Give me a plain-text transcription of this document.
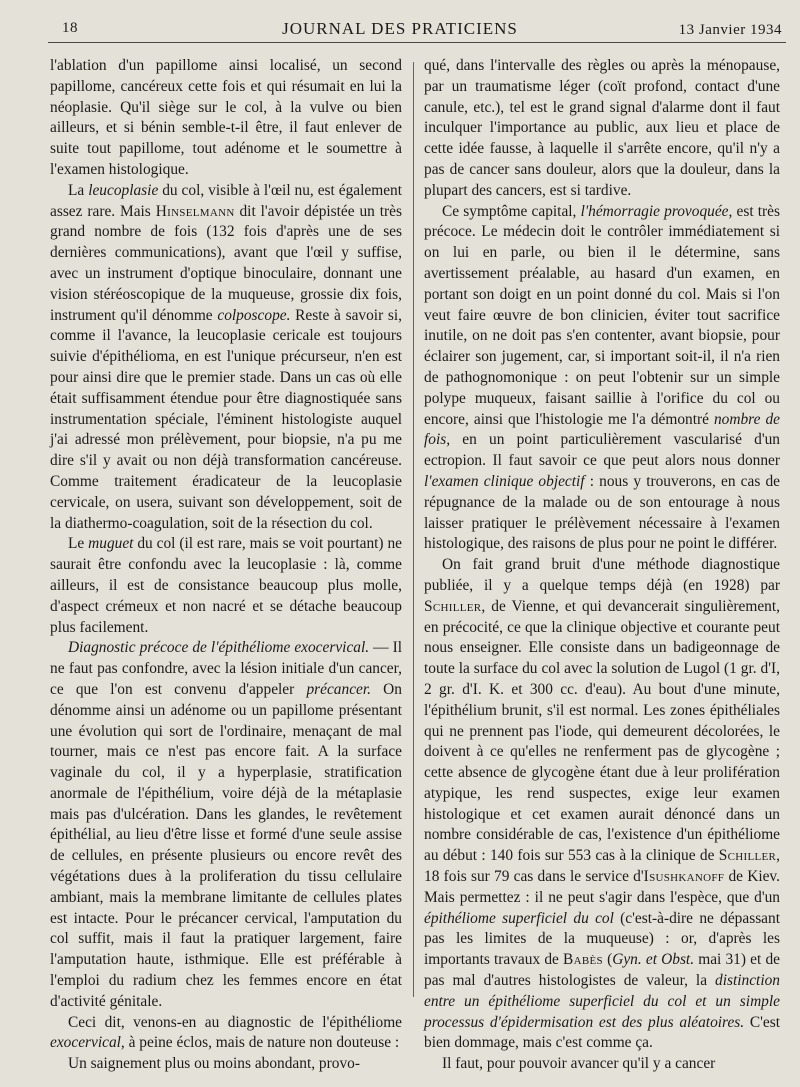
18	JOURNAL DES PRATICIENS	13 Janvier 1934

l'ablation d'un papillome ainsi localisé, un second papillome, cancéreux cette fois et qui résumait en lui la néoplasie. Qu'il siège sur le col, à la vulve ou bien ailleurs, et si bénin semble-t-il être, il faut enlever de suite tout papillome, tout adénome et le soumettre à l'examen histologique.

La leucoplasie du col, visible à l'œil nu, est également assez rare. Mais Hinselmann dit l'avoir dépistée un très grand nombre de fois (132 fois d'après une de ses dernières communications), avant que l'œil y suffise, avec un instrument d'optique binoculaire, donnant une vision stéréoscopique de la muqueuse, grossie dix fois, instrument qu'il dénomme colposcope. Reste à savoir si, comme il l'avance, la leucoplasie cericale est toujours suivie d'épithélioma, en est l'unique précurseur, n'en est pour ainsi dire que le premier stade. Dans un cas où elle était suffisamment étendue pour être diagnostiquée sans instrumentation spéciale, l'éminent histologiste auquel j'ai adressé mon prélèvement, pour biopsie, n'a pu me dire s'il y avait ou non déjà transformation cancéreuse. Comme traitement éradicateur de la leucoplasie cervicale, on usera, suivant son développement, soit de la diathermo-coagulation, soit de la résection du col.

Le muguet du col (il est rare, mais se voit pourtant) ne saurait être confondu avec la leucoplasie : là, comme ailleurs, il est de consistance beaucoup plus molle, d'aspect crémeux et non nacré et se détache beaucoup plus facilement.

Diagnostic précoce de l'épithéliome exocervical. — Il ne faut pas confondre, avec la lésion initiale d'un cancer, ce que l'on est convenu d'appeler précancer. On dénomme ainsi un adénome ou un papillome présentant une évolution qui sort de l'ordinaire, menaçant de mal tourner, mais ce n'est pas encore fait. A la surface vaginale du col, il y a hyperplasie, stratification anormale de l'épithélium, voire déjà de la métaplasie mais pas d'ulcération. Dans les glandes, le revêtement épithélial, au lieu d'être lisse et formé d'une seule assise de cellules, en présente plusieurs ou encore revêt des végétations dues à la proliferation du tissu cellulaire ambiant, mais la membrane limitante de cellules plates est intacte. Pour le précancer cervical, l'amputation du col suffit, mais il faut la pratiquer largement, faire l'amputation haute, isthmique. Elle est préférable à l'emploi du radium chez les femmes encore en état d'activité génitale.

Ceci dit, venons-en au diagnostic de l'épithéliome exocervical, à peine éclos, mais de nature non douteuse :

Un saignement plus ou moins abondant, provo-

qué, dans l'intervalle des règles ou après la ménopause, par un traumatisme léger (coït profond, contact d'une canule, etc.), tel est le grand signal d'alarme dont il faut inculquer l'importance au public, aux lieu et place de cette idée fausse, à laquelle il s'arrête encore, qu'il n'y a pas de cancer sans douleur, alors que la douleur, dans la plupart des cancers, est si tardive.

Ce symptôme capital, l'hémorragie provoquée, est très précoce. Le médecin doit le contrôler immédiatement si on lui en parle, ou bien il le détermine, sans avertissement préalable, au hasard d'un examen, en portant son doigt en un point donné du col. Mais si l'on veut faire œuvre de bon clinicien, éviter tout sacrifice inutile, on ne doit pas s'en contenter, avant biopsie, pour éclairer son jugement, car, si important soit-il, il n'a rien de pathognomonique : on peut l'obtenir sur un simple polype muqueux, faisant saillie à l'orifice du col ou encore, ainsi que l'histologie me l'a démontré nombre de fois, en un point particulièrement vascularisé d'un ectropion. Il faut savoir ce que peut alors nous donner l'examen clinique objectif : nous y trouverons, en cas de répugnance de la malade ou de son entourage à nous laisser pratiquer le prélèvement nécessaire à l'examen histologique, des raisons de plus pour ne point le différer.

On fait grand bruit d'une méthode diagnostique publiée, il y a quelque temps déjà (en 1928) par Schiller, de Vienne, et qui devancerait singulièrement, en précocité, ce que la clinique objective et courante peut nous enseigner. Elle consiste dans un badigeonnage de toute la surface du col avec la solution de Lugol (1 gr. d'I, 2 gr. d'I. K. et 300 cc. d'eau). Au bout d'une minute, l'épithélium brunit, s'il est normal. Les zones épithéliales qui ne prennent pas l'iode, qui demeurent décolorées, le doivent à ce qu'elles ne renferment pas de glycogène ; cette absence de glycogène étant due à leur prolifération atypique, les rend suspectes, exige leur examen histologique et cet examen aurait dénoncé dans un nombre considérable de cas, l'existence d'un épithéliome au début : 140 fois sur 553 cas à la clinique de Schiller, 18 fois sur 79 cas dans le service d'Isushkanoff de Kiev. Mais permettez : il ne peut s'agir dans l'espèce, que d'un épithéliome superficiel du col (c'est-à-dire ne dépassant pas les limites de la muqueuse) : or, d'après les importants travaux de Babès (Gyn. et Obst. mai 31) et de pas mal d'autres histologistes de valeur, la distinction entre un épithéliome superficiel du col et un simple processus d'épidermisation est des plus aléatoires. C'est bien dommage, mais c'est comme ça.

Il faut, pour pouvoir avancer qu'il y a cancer
